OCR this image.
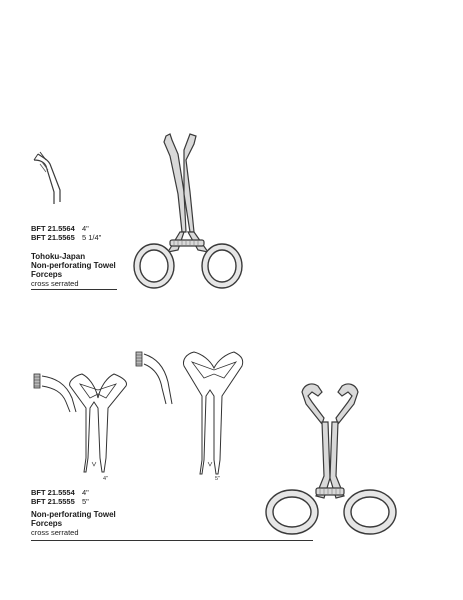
BFT 21.5564 4"
BFT 21.5565 5 1/4"
Tohoku-Japan
Non-perforating Towel
Forceps
cross serrated
4"	5"
BFT 21.5554 4"
BFT 21.5555 5"
Non-perforating Towel
Forceps
cross serrated
